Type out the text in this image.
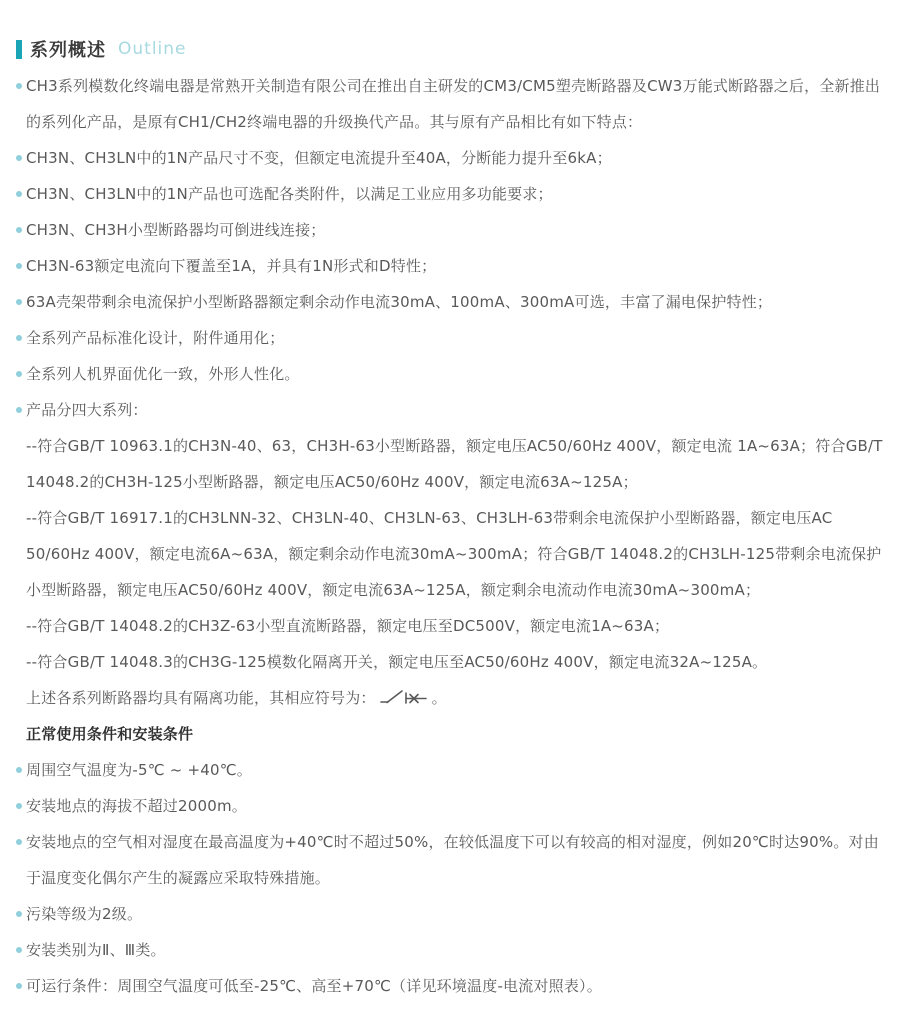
系列概述 Outline
CH3系列模数化终端电器是常熟开关制造有限公司在推出自主研发的CM3/CM5塑壳断路器及CW3万能式断路器之后，全新推出的系列化产品，是原有CH1/CH2终端电器的升级换代产品。其与原有产品相比有如下特点：
CH3N、CH3LN中的1N产品尺寸不变，但额定电流提升至40A，分断能力提升至6kA；
CH3N、CH3LN中的1N产品也可选配各类附件，以满足工业应用多功能要求；
CH3N、CH3H小型断路器均可倒进线连接；
CH3N-63额定电流向下覆盖至1A，并具有1N形式和D特性；
63A壳架带剩余电流保护小型断路器额定剩余动作电流30mA、100mA、300mA可选，丰富了漏电保护特性；
全系列产品标准化设计，附件通用化；
全系列人机界面优化一致，外形人性化。
产品分四大系列：
--符合GB/T 10963.1的CH3N-40、63，CH3H-63小型断路器，额定电压AC50/60Hz 400V，额定电流 1A~63A；符合GB/T 14048.2的CH3H-125小型断路器，额定电压AC50/60Hz 400V，额定电流63A~125A；
--符合GB/T 16917.1的CH3LNN-32、CH3LN-40、CH3LN-63、CH3LH-63带剩余电流保护小型断路器，额定电压AC 50/60Hz 400V，额定电流6A~63A，额定剩余动作电流30mA~300mA；符合GB/T 14048.2的CH3LH-125带剩余电流保护小型断路器，额定电压AC50/60Hz 400V，额定电流63A~125A，额定剩余电流动作电流30mA~300mA；
--符合GB/T 14048.2的CH3Z-63小型直流断路器，额定电压至DC500V，额定电流1A~63A；
--符合GB/T 14048.3的CH3G-125模数化隔离开关，额定电压至AC50/60Hz 400V，额定电流32A~125A。
上述各系列断路器均具有隔离功能，其相应符号为：	。
正常使用条件和安装条件
周围空气温度为-5℃ ~ +40℃。
安装地点的海拔不超过2000m。
安装地点的空气相对湿度在最高温度为+40℃时不超过50%，在较低温度下可以有较高的相对湿度，例如20℃时达90%。对由于温度变化偶尔产生的凝露应采取特殊措施。
污染等级为2级。
安装类别为Ⅱ、Ⅲ类。
可运行条件：周围空气温度可低至-25℃、高至+70℃（详见环境温度-电流对照表）。
